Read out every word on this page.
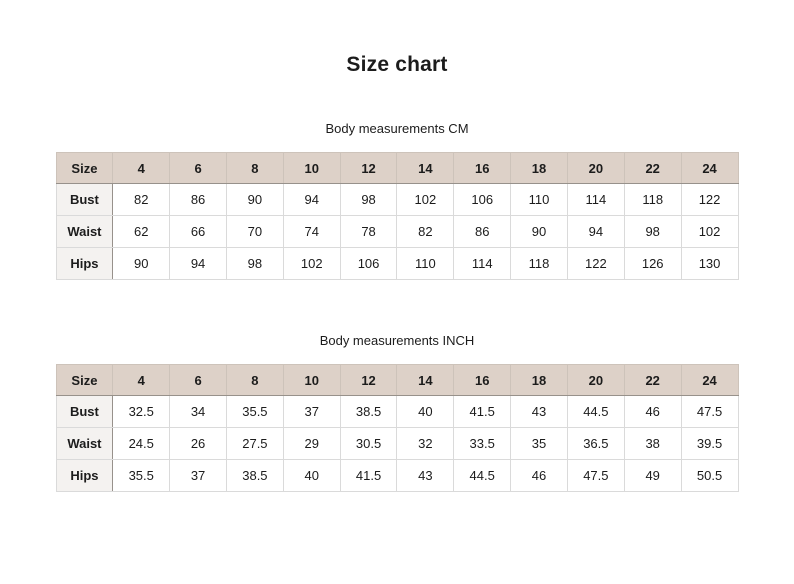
Size chart
Body measurements CM
Size	4	6	8	10	12	14	16	18	20	22	24
Bust	82	86	90	94	98	102	106	110	114	118	122
Waist	62	66	70	74	78	82	86	90	94	98	102
Hips	90	94	98	102	106	110	114	118	122	126	130
Body measurements INCH
Size	4	6	8	10	12	14	16	18	20	22	24
Bust	32.5	34	35.5	37	38.5	40	41.5	43	44.5	46	47.5
Waist	24.5	26	27.5	29	30.5	32	33.5	35	36.5	38	39.5
Hips	35.5	37	38.5	40	41.5	43	44.5	46	47.5	49	50.5
